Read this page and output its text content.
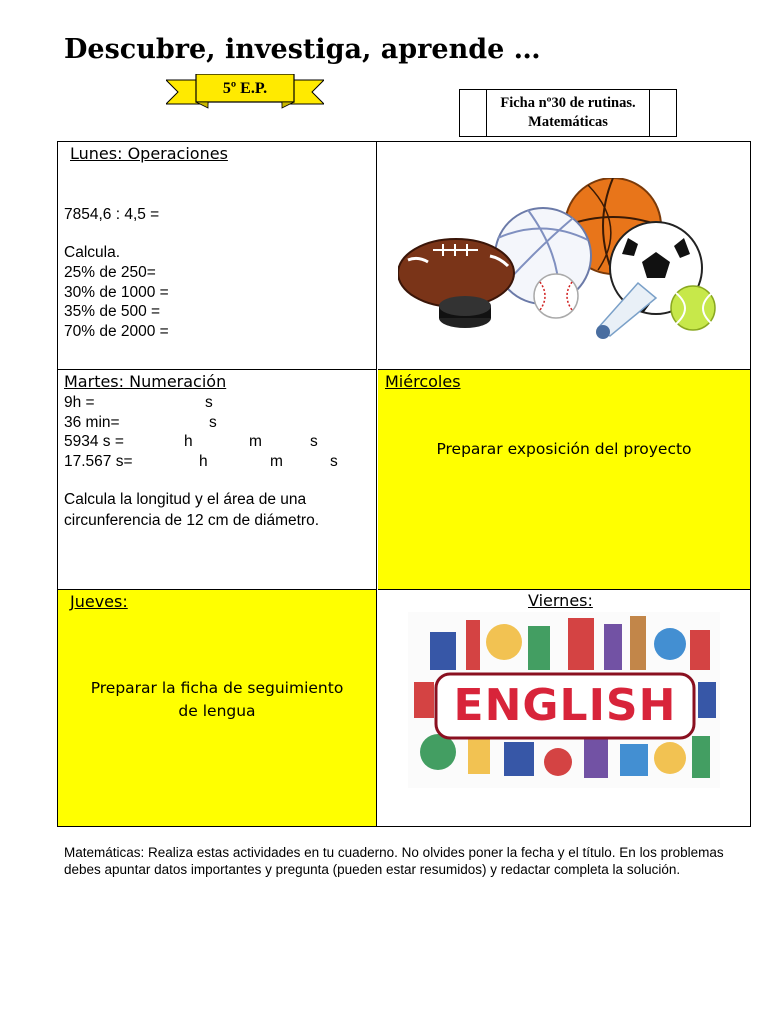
Descubre, investiga, aprende …
5º E.P.
Ficha nº30 de rutinas.
Matemáticas
Lunes: Operaciones
7854,6 : 4,5 =
Calcula.
25% de 250=
30% de 1000 =
35% de 500 =
70% de 2000 =
Martes: Numeración
9h =	s
36 min=	s
5934 s =	h	m	s
17.567 s=	h	m	s
Calcula la longitud y el área de una
circunferencia de 12 cm de diámetro.
Miércoles
Preparar exposición del proyecto
Jueves:
Preparar la ficha de seguimiento
de lengua
Viernes:
ENGLISH
Matemáticas: Realiza estas actividades en tu cuaderno. No olvides poner la fecha y el título. En los problemas debes apuntar datos importantes y pregunta (pueden estar resumidos) y redactar completa la solución.
